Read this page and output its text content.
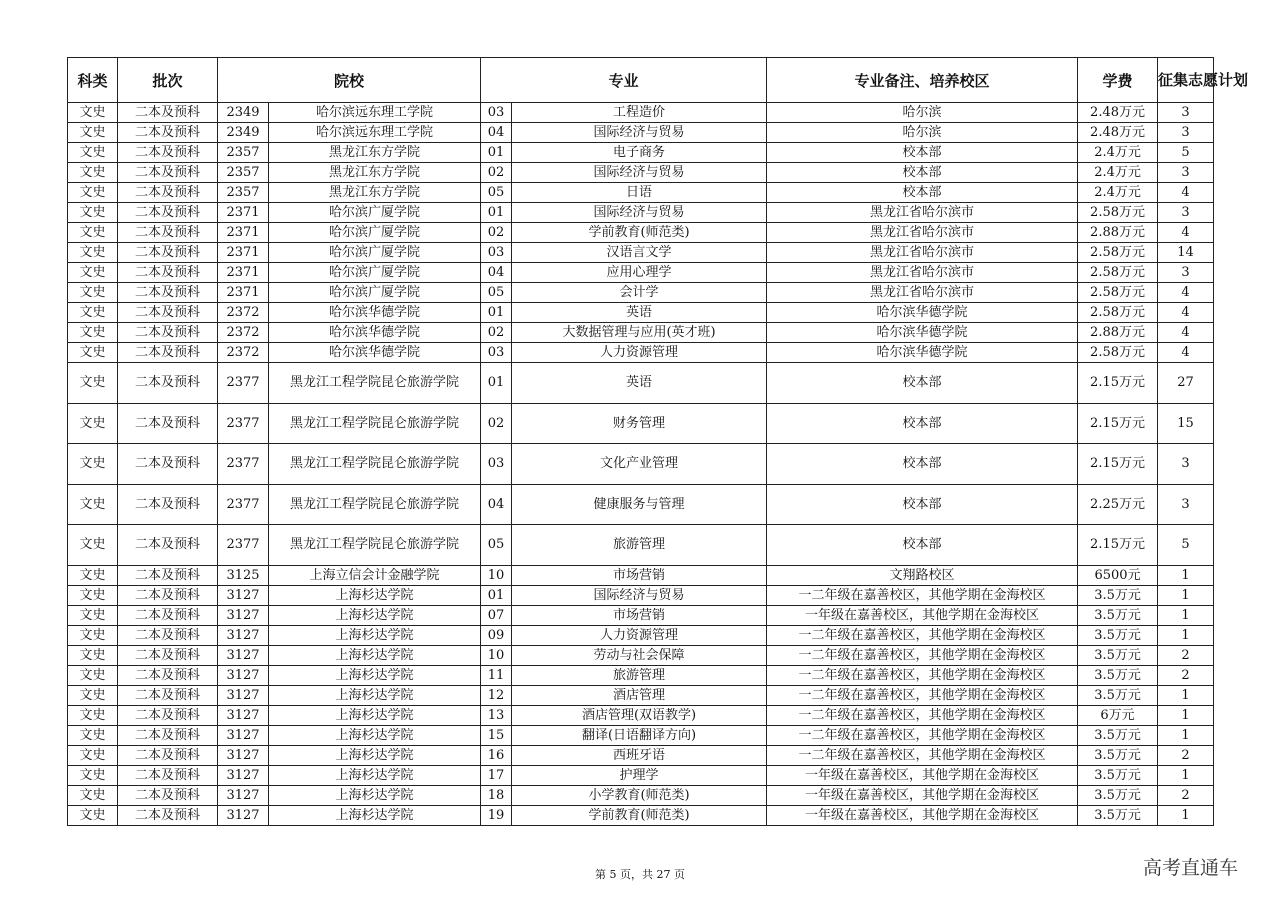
科类	批次	院校		专业		专业备注、培养校区	学费	征集志愿计划
文史	二本及预科	2349	哈尔滨远东理工学院	03	工程造价	哈尔滨	2.48万元	3
文史	二本及预科	2349	哈尔滨远东理工学院	04	国际经济与贸易	哈尔滨	2.48万元	3
文史	二本及预科	2357	黑龙江东方学院	01	电子商务	校本部	2.4万元	5
文史	二本及预科	2357	黑龙江东方学院	02	国际经济与贸易	校本部	2.4万元	3
文史	二本及预科	2357	黑龙江东方学院	05	日语	校本部	2.4万元	4
文史	二本及预科	2371	哈尔滨广厦学院	01	国际经济与贸易	黑龙江省哈尔滨市	2.58万元	3
文史	二本及预科	2371	哈尔滨广厦学院	02	学前教育(师范类)	黑龙江省哈尔滨市	2.88万元	4
文史	二本及预科	2371	哈尔滨广厦学院	03	汉语言文学	黑龙江省哈尔滨市	2.58万元	14
文史	二本及预科	2371	哈尔滨广厦学院	04	应用心理学	黑龙江省哈尔滨市	2.58万元	3
文史	二本及预科	2371	哈尔滨广厦学院	05	会计学	黑龙江省哈尔滨市	2.58万元	4
文史	二本及预科	2372	哈尔滨华德学院	01	英语	哈尔滨华德学院	2.58万元	4
文史	二本及预科	2372	哈尔滨华德学院	02	大数据管理与应用(英才班)	哈尔滨华德学院	2.88万元	4
文史	二本及预科	2372	哈尔滨华德学院	03	人力资源管理	哈尔滨华德学院	2.58万元	4
文史	二本及预科	2377	黑龙江工程学院昆仑旅游学院	01	英语	校本部	2.15万元	27
文史	二本及预科	2377	黑龙江工程学院昆仑旅游学院	02	财务管理	校本部	2.15万元	15
文史	二本及预科	2377	黑龙江工程学院昆仑旅游学院	03	文化产业管理	校本部	2.15万元	3
文史	二本及预科	2377	黑龙江工程学院昆仑旅游学院	04	健康服务与管理	校本部	2.25万元	3
文史	二本及预科	2377	黑龙江工程学院昆仑旅游学院	05	旅游管理	校本部	2.15万元	5
文史	二本及预科	3125	上海立信会计金融学院	10	市场营销	文翔路校区	6500元	1
文史	二本及预科	3127	上海杉达学院	01	国际经济与贸易	一二年级在嘉善校区，其他学期在金海校区	3.5万元	1
文史	二本及预科	3127	上海杉达学院	07	市场营销	一年级在嘉善校区，其他学期在金海校区	3.5万元	1
文史	二本及预科	3127	上海杉达学院	09	人力资源管理	一二年级在嘉善校区，其他学期在金海校区	3.5万元	1
文史	二本及预科	3127	上海杉达学院	10	劳动与社会保障	一二年级在嘉善校区，其他学期在金海校区	3.5万元	2
文史	二本及预科	3127	上海杉达学院	11	旅游管理	一二年级在嘉善校区，其他学期在金海校区	3.5万元	2
文史	二本及预科	3127	上海杉达学院	12	酒店管理	一二年级在嘉善校区，其他学期在金海校区	3.5万元	1
文史	二本及预科	3127	上海杉达学院	13	酒店管理(双语教学)	一二年级在嘉善校区，其他学期在金海校区	6万元	1
文史	二本及预科	3127	上海杉达学院	15	翻译(日语翻译方向)	一二年级在嘉善校区，其他学期在金海校区	3.5万元	1
文史	二本及预科	3127	上海杉达学院	16	西班牙语	一二年级在嘉善校区，其他学期在金海校区	3.5万元	2
文史	二本及预科	3127	上海杉达学院	17	护理学	一年级在嘉善校区，其他学期在金海校区	3.5万元	1
文史	二本及预科	3127	上海杉达学院	18	小学教育(师范类)	一年级在嘉善校区，其他学期在金海校区	3.5万元	2
文史	二本及预科	3127	上海杉达学院	19	学前教育(师范类)	一年级在嘉善校区，其他学期在金海校区	3.5万元	1
第 5 页，共 27 页	高考直通车
